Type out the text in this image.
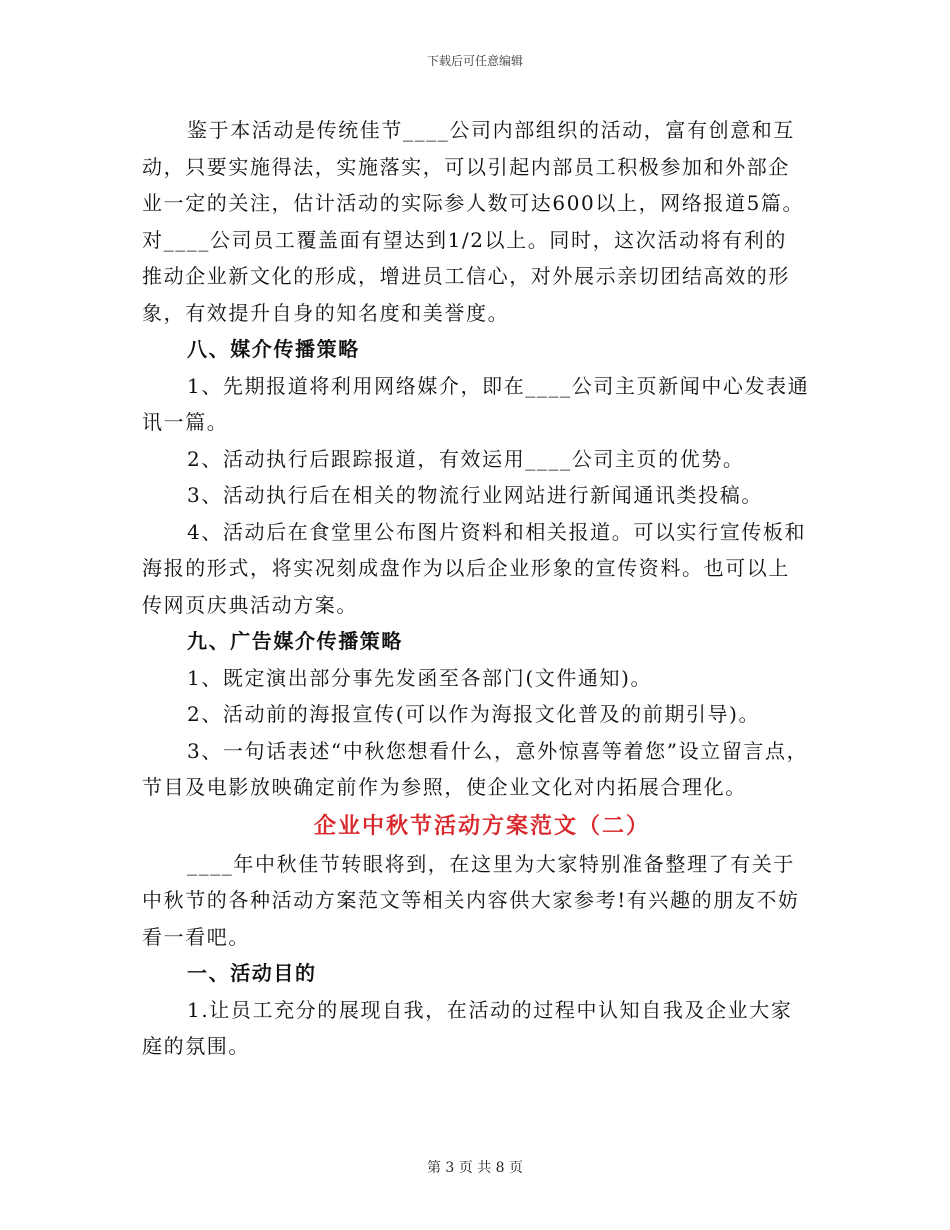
下载后可任意编辑
鉴于本活动是传统佳节____公司内部组织的活动，富有创意和互
动，只要实施得法，实施落实，可以引起内部员工积极参加和外部企
业一定的关注，估计活动的实际参人数可达600以上，网络报道5篇。
对____公司员工覆盖面有望达到1/2以上。同时，这次活动将有利的
推动企业新文化的形成，增进员工信心，对外展示亲切团结高效的形
象，有效提升自身的知名度和美誉度。
八、媒介传播策略
1、先期报道将利用网络媒介，即在____公司主页新闻中心发表通
讯一篇。
2、活动执行后跟踪报道，有效运用____公司主页的优势。
3、活动执行后在相关的物流行业网站进行新闻通讯类投稿。
4、活动后在食堂里公布图片资料和相关报道。可以实行宣传板和
海报的形式，将实况刻成盘作为以后企业形象的宣传资料。也可以上
传网页庆典活动方案。
九、广告媒介传播策略
1、既定演出部分事先发函至各部门(文件通知)。
2、活动前的海报宣传(可以作为海报文化普及的前期引导)。
3、一句话表述“中秋您想看什么，意外惊喜等着您”设立留言点，
节目及电影放映确定前作为参照，使企业文化对内拓展合理化。
企业中秋节活动方案范文（二）
____年中秋佳节转眼将到，在这里为大家特别准备整理了有关于
中秋节的各种活动方案范文等相关内容供大家参考!有兴趣的朋友不妨
看一看吧。
一、活动目的
1.让员工充分的展现自我，在活动的过程中认知自我及企业大家
庭的氛围。
第 3 页 共 8 页
